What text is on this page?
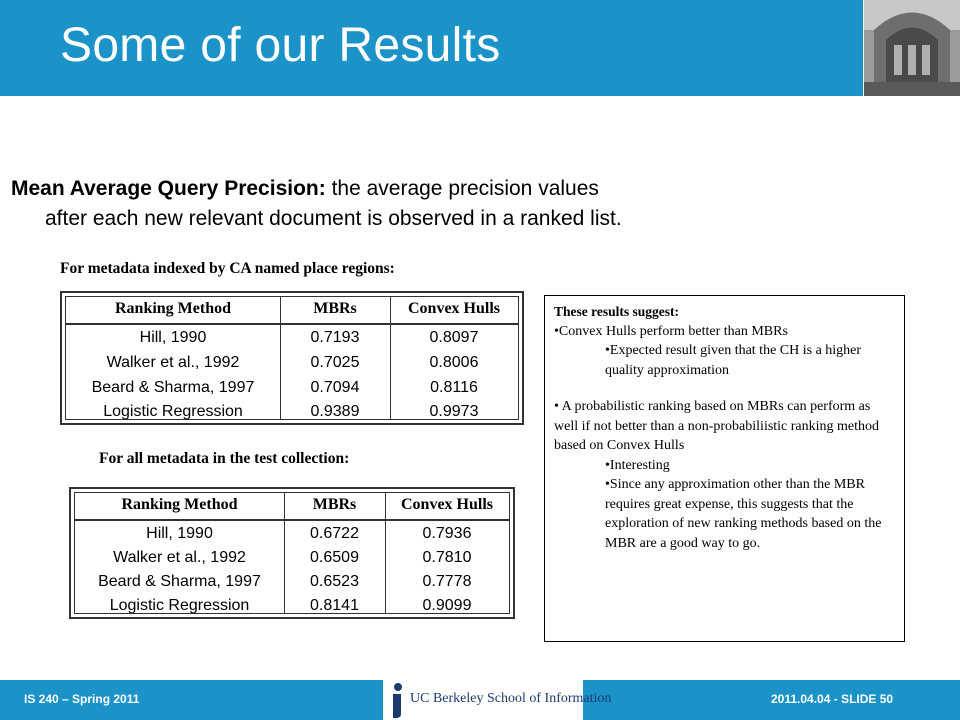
Some of our Results
Mean Average Query Precision: the average precision values
after each new relevant document is observed in a ranked list.
For metadata indexed by CA named place regions:
Ranking Method	MBRs	Convex Hulls
Hill, 1990	0.7193	0.8097
Walker et al., 1992	0.7025	0.8006
Beard & Sharma, 1997	0.7094	0.8116
Logistic Regression	0.9389	0.9973
For all metadata in the test collection:
Ranking Method	MBRs	Convex Hulls
Hill, 1990	0.6722	0.7936
Walker et al., 1992	0.6509	0.7810
Beard & Sharma, 1997	0.6523	0.7778
Logistic Regression	0.8141	0.9099
These results suggest:
•Convex Hulls perform better than MBRs
•Expected result given that the CH is a higher quality approximation
• A probabilistic ranking based on MBRs can perform as well if not better than a non-probabiliistic ranking method based on Convex Hulls
•Interesting
•Since any approximation other than the MBR requires great expense, this suggests that the exploration of new ranking methods based on the MBR are a good way to go.
UC Berkeley School of Information
IS 240 – Spring 2011	2011.04.04 - SLIDE 50
